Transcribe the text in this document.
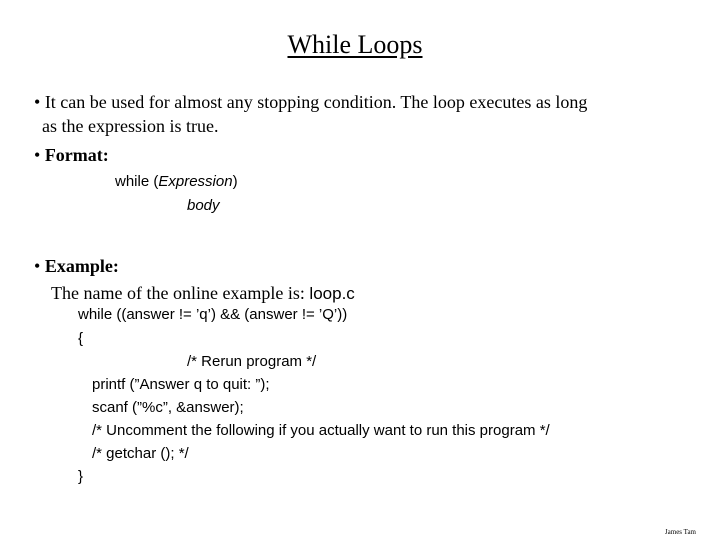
While Loops
• It can be used for almost any stopping condition. The loop executes as long
as the expression is true.
• Format:
while (Expression)
body
• Example:
The name of the online example is: loop.c
while ((answer != ’q’) && (answer != ’Q’))
{
/* Rerun program */
printf (”Answer q to quit: ”);
scanf (”%c”, &answer);
/* Uncomment the following if you actually want to run this program */
/* getchar (); */
}
James Tam
